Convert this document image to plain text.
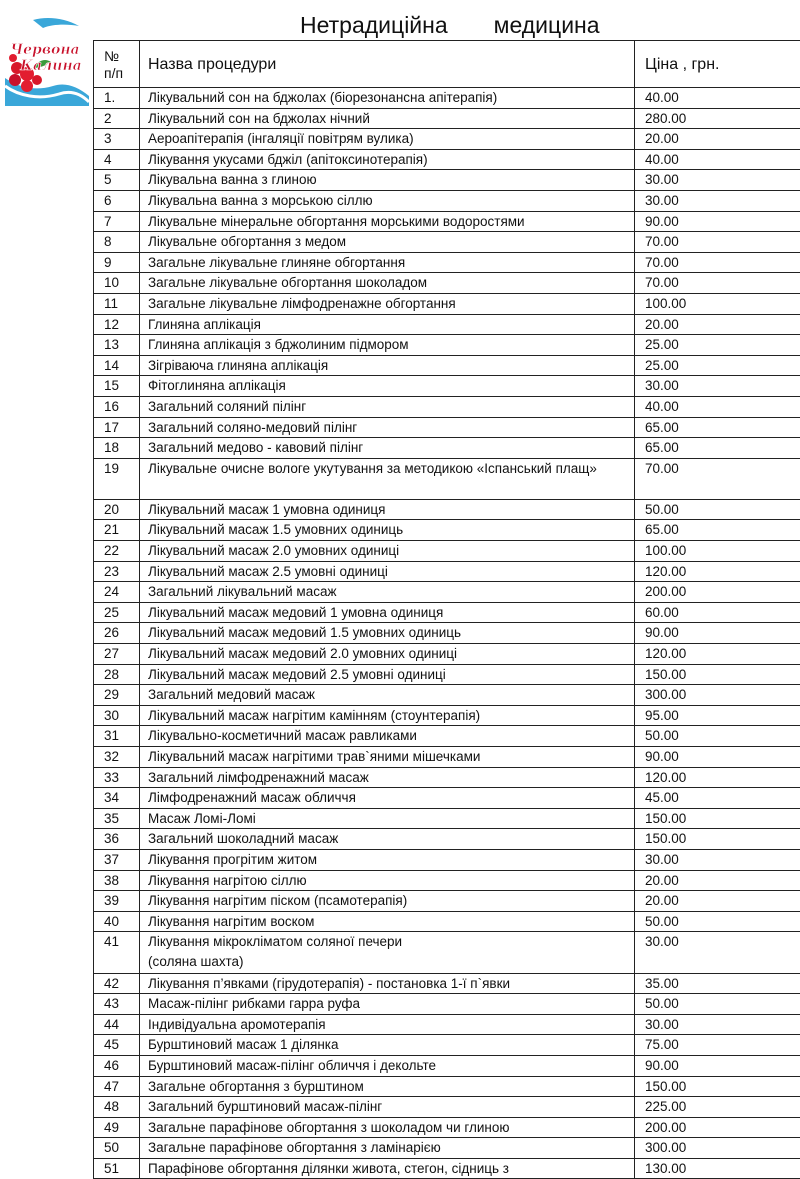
Червона
Калина
Нетрадиційна медицина
№
п/п	Назва процедури	Ціна , грн.
1.	Лікувальний сон на бджолах (біорезонансна апітерапія)	40.00
2	Лікувальний сон на бджолах нічний	280.00
3	Аероапітерапія (інгаляції повітрям вулика)	20.00
4	Лікування укусами бджіл (апітоксинотерапія)	40.00
5	Лікувальна ванна з глиною	30.00
6	Лікувальна ванна з морською сіллю	30.00
7	Лікувальне мінеральне обгортання морськими водоростями	90.00
8	Лікувальне обгортання з медом	70.00
9	Загальне лікувальне глиняне обгортання	70.00
10	Загальне лікувальне обгортання шоколадом	70.00
11	Загальне лікувальне лімфодренажне обгортання	100.00
12	Глиняна аплікація	20.00
13	Глиняна аплікація з бджолиним підмором	25.00
14	Зігріваюча глиняна аплікація	25.00
15	Фітоглиняна аплікація	30.00
16	Загальний соляний пілінг	40.00
17	Загальний соляно-медовий пілінг	65.00
18	Загальний медово - кавовий пілінг	65.00
19	Лікувальне очисне вологе укутування за методикою «Іспанський плащ»	70.00
20	Лікувальний масаж 1 умовна одиниця	50.00
21	Лікувальний масаж 1.5 умовних одиниць	65.00
22	Лікувальний масаж 2.0 умовних одиниці	100.00
23	Лікувальний масаж 2.5 умовні одиниці	120.00
24	Загальний лікувальний масаж	200.00
25	Лікувальний масаж медовий 1 умовна одиниця	60.00
26	Лікувальний масаж медовий 1.5 умовних одиниць	90.00
27	Лікувальний масаж медовий 2.0 умовних одиниці	120.00
28	Лікувальний масаж медовий 2.5 умовні одиниці	150.00
29	Загальний медовий масаж	300.00
30	Лікувальний масаж нагрітим камінням (стоунтерапія)	95.00
31	Лікувально-косметичний масаж равликами	50.00
32	Лікувальний масаж нагрітими трав`яними мішечками	90.00
33	Загальний лімфодренажний масаж	120.00
34	Лімфодренажний масаж обличчя	45.00
35	Масаж Ломі-Ломі	150.00
36	Загальний шоколадний масаж	150.00
37	Лікування прогрітим житом	30.00
38	Лікування нагрітою сіллю	20.00
39	Лікування нагрітим піском (псамотерапія)	20.00
40	Лікування нагрітим воском	50.00
41	Лікування мікрокліматом соляної печери
(соляна шахта)	30.00
42	Лікування п’явками (гірудотерапія) - постановка 1-ї п`явки	35.00
43	Масаж-пілінг рибками гарра руфа	50.00
44	Індивідуальна аромотерапія	30.00
45	Бурштиновий масаж 1 ділянка	75.00
46	Бурштиновий масаж-пілінг обличчя і декольте	90.00
47	Загальне обгортання з бурштином	150.00
48	Загальний бурштиновий масаж-пілінг	225.00
49	Загальне парафінове обгортання з шоколадом чи глиною	200.00
50	Загальне парафінове обгортання з ламінарією	300.00
51	Парафінове обгортання ділянки живота, стегон, сідниць з	130.00
